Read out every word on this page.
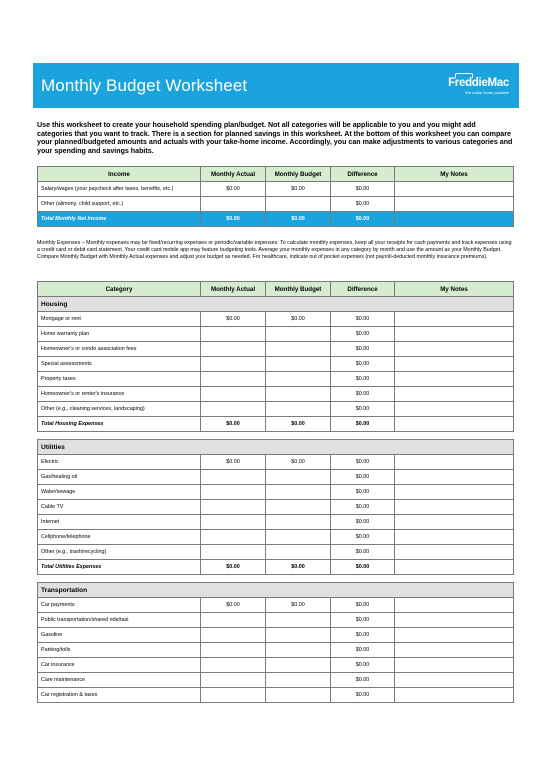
Monthly Budget Worksheet	FreddieMac
We make home possible
Use this worksheet to create your household spending plan/budget. Not all categories will be applicable to you and you might add categories that you want to track. There is a section for planned savings in this worksheet. At the bottom of this worksheet you can compare your planned/budgeted amounts and actuals with your take-home income. Accordingly, you can make adjustments to various categories and your spending and savings habits.
Income	Monthly Actual	Monthly Budget	Difference	My Notes
Salary/wages (your paycheck after taxes, benefits, etc.)	$0.00	$0.00	$0.00	
Other (alimony, child support, etc.)			$0.00	
Total Monthly Net Income	$0.00	$0.00	$0.00	
Monthly Expenses – Monthly expenses may be fixed/recurring expenses or periodic/variable expenses. To calculate monthly expenses, keep all your receipts for cash payments and track expenses using a credit card or debit card statement. Your credit card mobile app may feature budgeting tools. Average your monthly expenses in any category by month and use the amount as your Monthly Budget. Compare Monthly Budget with Monthly Actual expenses and adjust your budget as needed. For healthcare, indicate out of pocket expenses (not payroll-deducted monthly insurance premiums).
Category	Monthly Actual	Monthly Budget	Difference	My Notes
Housing				
Mortgage or rent	$0.00	$0.00	$0.00	
Home warranty plan			$0.00	
Homeowner's or condo association fees			$0.00	
Special assessments			$0.00	
Property taxes			$0.00	
Homeowner's or renter's insurance			$0.00	
Other (e.g., cleaning services, landscaping)			$0.00	
Total Housing Expenses	$0.00	$0.00	$0.00	

Utilities				
Electric	$0.00	$0.00	$0.00	
Gas/heating oil			$0.00	
Water/sewage			$0.00	
Cable TV			$0.00	
Internet			$0.00	
Cellphone/telephone			$0.00	
Other (e.g., trash/recycling)			$0.00	
Total Utilities Expenses	$0.00	$0.00	$0.00	

Transportation				
Car payments	$0.00	$0.00	$0.00	
Public transportation/shared ride/taxi			$0.00	
Gasoline			$0.00	
Parking/tolls			$0.00	
Car insurance			$0.00	
Care maintenance			$0.00	
Car registration & taxes			$0.00	
